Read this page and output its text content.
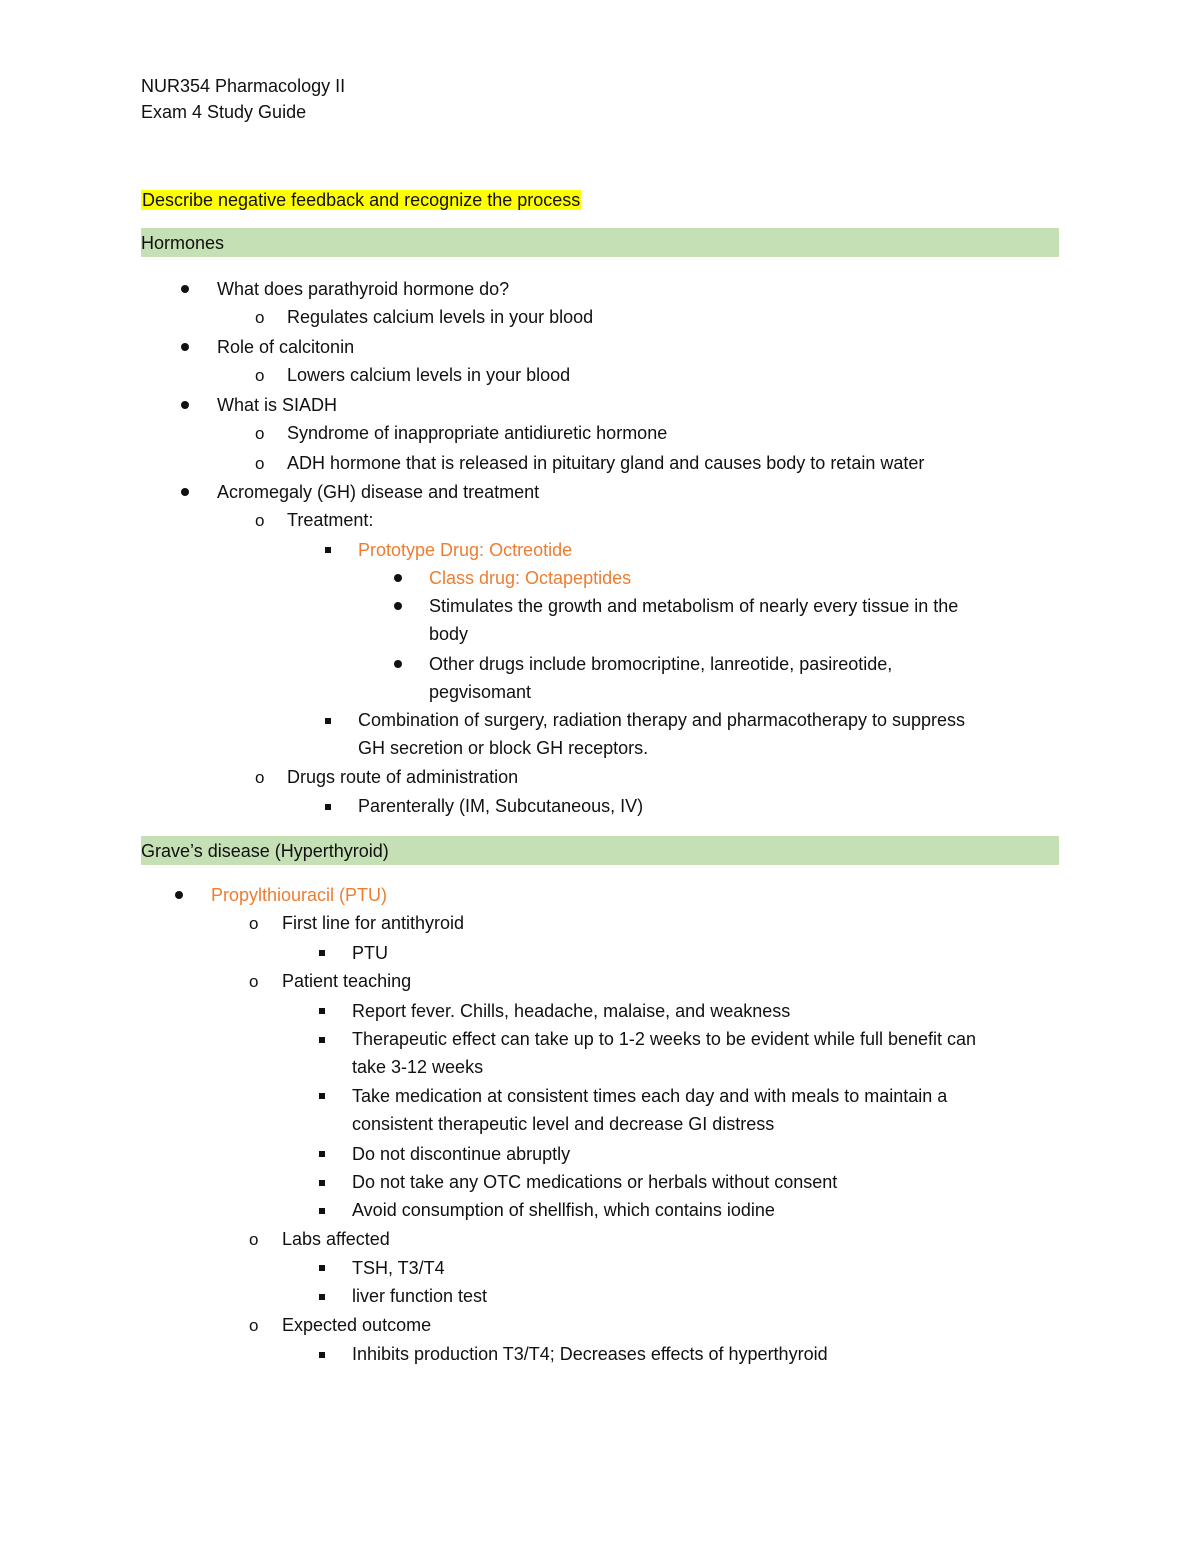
NUR354 Pharmacology II
Exam 4 Study Guide
Describe negative feedback and recognize the process
Hormones
What does parathyroid hormone do?
o Regulates calcium levels in your blood
Role of calcitonin
o Lowers calcium levels in your blood
What is SIADH
o Syndrome of inappropriate antidiuretic hormone
o ADH hormone that is released in pituitary gland and causes body to retain water
Acromegaly (GH) disease and treatment
o Treatment:
Prototype Drug: Octreotide
Class drug: Octapeptides
Stimulates the growth and metabolism of nearly every tissue in the
body
Other drugs include bromocriptine, lanreotide, pasireotide,
pegvisomant
Combination of surgery, radiation therapy and pharmacotherapy to suppress
GH secretion or block GH receptors.
o Drugs route of administration
Parenterally (IM, Subcutaneous, IV)
Grave’s disease (Hyperthyroid)
Propylthiouracil (PTU)
o First line for antithyroid
PTU
o Patient teaching
Report fever. Chills, headache, malaise, and weakness
Therapeutic effect can take up to 1-2 weeks to be evident while full benefit can
take 3-12 weeks
Take medication at consistent times each day and with meals to maintain a
consistent therapeutic level and decrease GI distress
Do not discontinue abruptly
Do not take any OTC medications or herbals without consent
Avoid consumption of shellfish, which contains iodine
o Labs affected
TSH, T3/T4
liver function test
o Expected outcome
Inhibits production T3/T4; Decreases effects of hyperthyroid
